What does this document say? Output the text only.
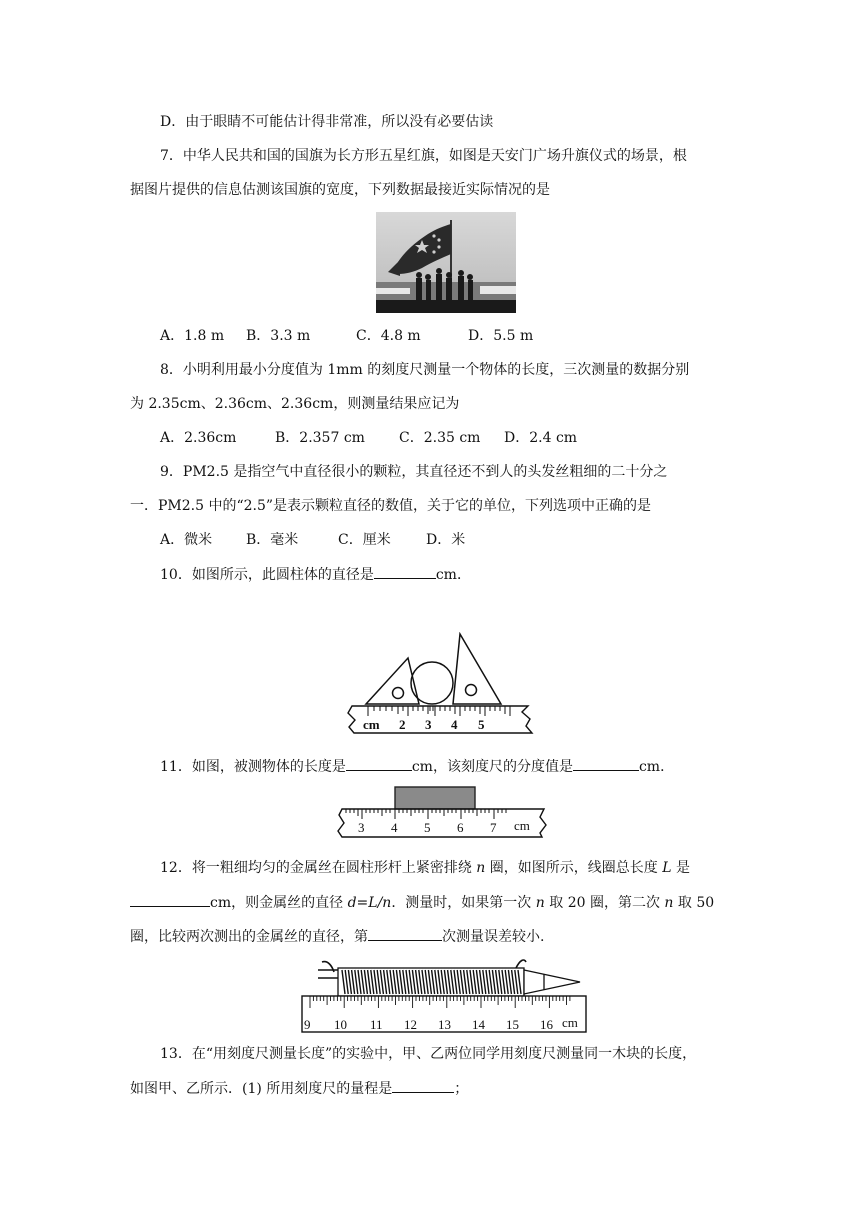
D．由于眼睛不可能估计得非常准，所以没有必要估读
7．中华人民共和国的国旗为长方形五星红旗，如图是天安门广场升旗仪式的场景，根
据图片提供的信息估测该国旗的宽度，下列数据最接近实际情况的是
A．1.8 m B．3.3 m	C．4.8 m	D．5.5 m
8．小明利用最小分度值为 1mm 的刻度尺测量一个物体的长度，三次测量的数据分别
为 2.35cm、2.36cm、2.36cm，则测量结果应记为
A．2.36cm	B．2.357 cm C．2.35 cm D．2.4 cm
9．PM2.5 是指空气中直径很小的颗粒，其直径还不到人的头发丝粗细的二十分之
一．PM2.5 中的“2.5”是表示颗粒直径的数值，关于它的单位，下列选项中正确的是
A．微米 B．毫米	C．厘米	D．米
10．如图所示，此圆柱体的直径是	cm．
cm 2 3 4 5
11．如图，被测物体的长度是	cm，该刻度尺的分度值是	cm．
3 4 5 6 7 cm
12．将一粗细均匀的金属丝在圆柱形杆上紧密排绕 n 圈，如图所示，线圈总长度 L 是
cm，则金属丝的直径 d=L/n．测量时，如果第一次 n 取 20 圈，第二次 n 取 50
圈，比较两次测出的金属丝的直径，第	次测量误差较小.
9 10 11 12 13 14 15 16 cm
13．在“用刻度尺测量长度”的实验中，甲、乙两位同学用刻度尺测量同一木块的长度，
如图甲、乙所示．(1) 所用刻度尺的量程是	；
